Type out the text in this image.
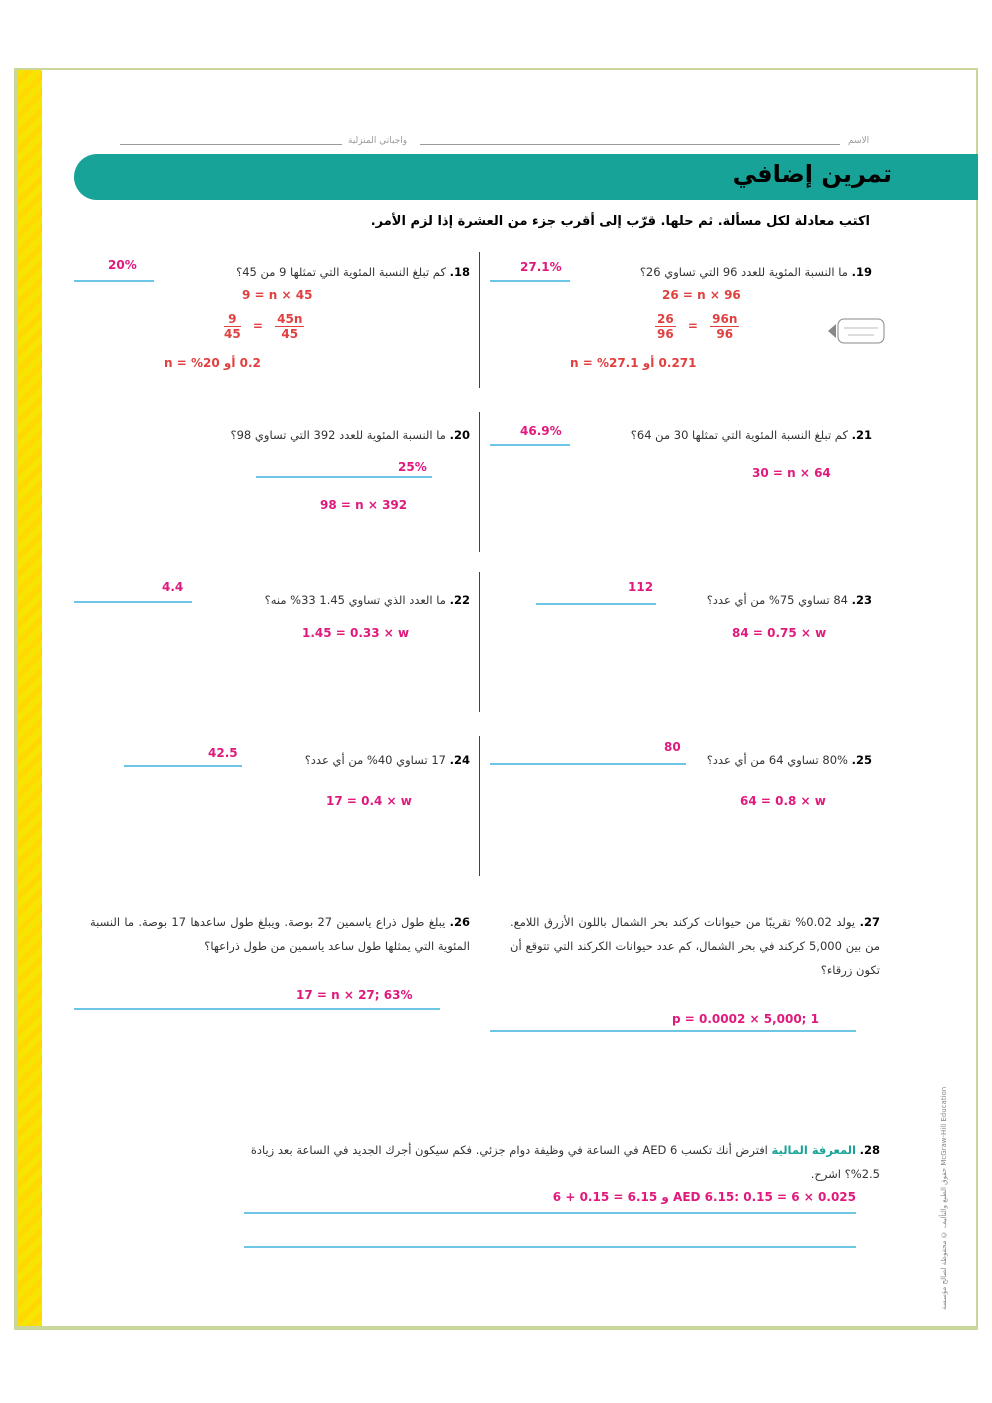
واجباتي المنزلية	الاسم
تمرين إضافي
اكتب معادلة لكل مسألة. ثم حلها. قرّب إلى أقرب جزء من العشرة إذا لزم الأمر.
19. ما النسبة المئوية للعدد 96 التي تساوي 26؟
27.1%
26 = n × 96
$\frac{26}{96} = \frac{96n}{96}$
0.271 أو 27.1% = n
18. كم تبلغ النسبة المئوية التي تمثلها 9 من 45؟
20%
9 = n × 45
$\frac{9}{45} = \frac{45n}{45}$
0.2 أو 20% = n
21. كم تبلغ النسبة المئوية التي تمثلها 30 من 64؟
46.9%
30 = n × 64
20. ما النسبة المئوية للعدد 392 التي تساوي 98؟
25%
98 = n × 392
23. 84 تساوي 75% من أي عدد؟
112
84 = 0.75 × w
22. ما العدد الذي تساوي 1.45 33% منه؟
4.4
1.45 = 0.33 × w
25. 80% تساوي 64 من أي عدد؟
80
64 = 0.8 × w
24. 17 تساوي 40% من أي عدد؟
42.5
17 = 0.4 × w
27. يولد 0.02% تقريبًا من حيوانات كركند بحر الشمال باللون الأزرق اللامع. من بين 5,000 كركند في بحر الشمال، كم عدد حيوانات الكركند التي تتوقع أن تكون زرقاء؟
p = 0.0002 × 5,000; 1
26. يبلغ طول ذراع ياسمين 27 بوصة. ويبلغ طول ساعدها 17 بوصة. ما النسبة المئوية التي يمثلها طول ساعد ياسمين من طول ذراعها؟
17 = n × 27; 63%
28. المعرفة المالية افترض أنك تكسب AED 6 في الساعة في وظيفة دوام جزئي. فكم سيكون أجرك الجديد في الساعة بعد زيادة 2.5%؟ اشرح.
AED 6.15: 0.15 = 6 × 0.025 و 6.15 = 0.15 + 6	حقوق الطبع والتأليف © محفوظة لصالح مؤسسة McGraw-Hill Education
